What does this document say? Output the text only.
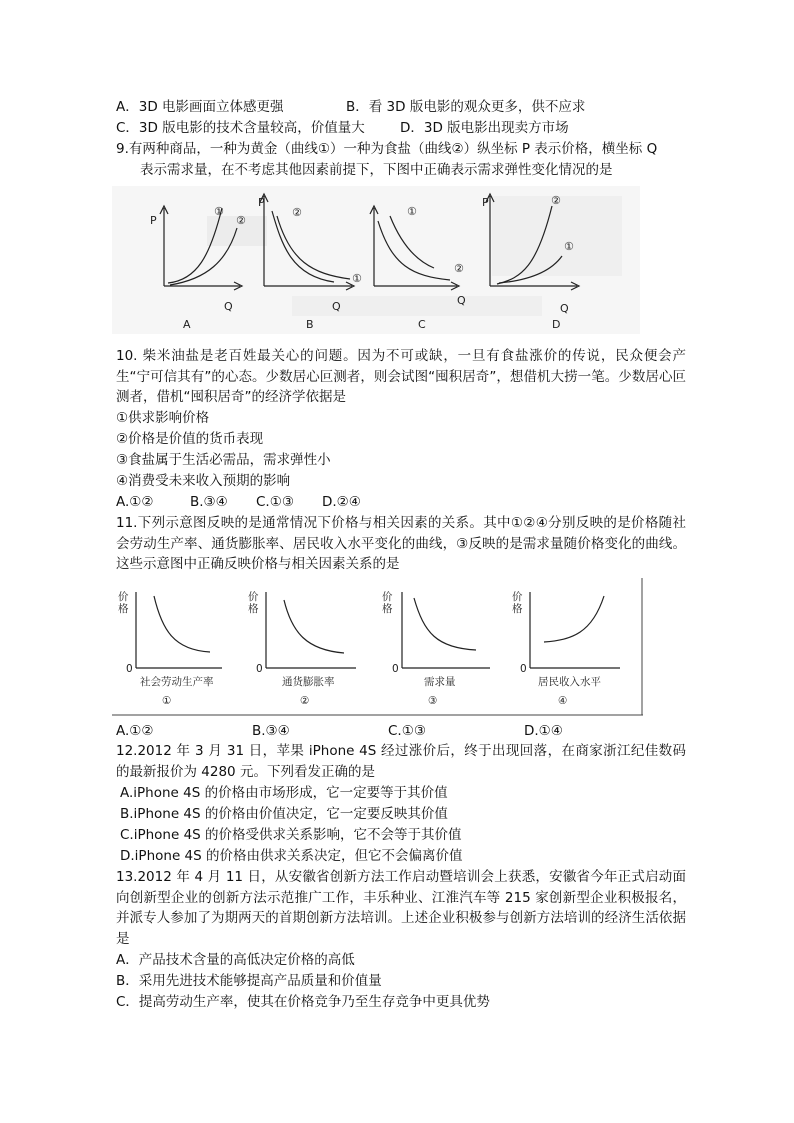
A．3D 电影画面立体感更强	B．看 3D 版电影的观众更多，供不应求
C．3D 版电影的技术含量较高，价值量大	D．3D 版电影出现卖方市场
9.有两种商品，一种为黄金（曲线①）一种为食盐（曲线②）纵坐标 P 表示价格，横坐标 Q
表示需求量，在不考虑其他因素前提下，下图中正确表示需求弹性变化情况的是
P
Q
①
②
A
P
Q
②
①
B
①
②
Q
C
P	②
①
Q
D
10. 柴米油盐是老百姓最关心的问题。因为不可或缺，一旦有食盐涨价的传说，民众便会产生“宁可信其有”的心态。少数居心叵测者，则会试图“囤积居奇”，想借机大捞一笔。少数居心叵测者，借机“囤积居奇”的经济学依据是
①供求影响价格
②价格是价值的货币表现
③食盐属于生活必需品，需求弹性小
④消费受未来收入预期的影响
A.①②	B.③④ C.①③ D.②④
11.下列示意图反映的是通常情况下价格与相关因素的关系。其中①②④分别反映的是价格随社会劳动生产率、通货膨胀率、居民收入水平变化的曲线，③反映的是需求量随价格变化的曲线。这些示意图中正确反映价格与相关因素关系的是
价
格
0
社会劳动生产率
①
价
格
0
通货膨胀率
②
价
格
0
需求量
③
价
格
0
居民收入水平
④
A.①②	B.③④	C.①③	D.①④
12.2012 年 3 月 31 日，苹果 iPhone 4S 经过涨价后，终于出现回落，在商家浙江纪佳数码的最新报价为 4280 元。下列看发正确的是
A.iPhone 4S 的价格由市场形成，它一定要等于其价值
B.iPhone 4S 的价格由价值决定，它一定要反映其价值
C.iPhone 4S 的价格受供求关系影响，它不会等于其价值
D.iPhone 4S 的价格由供求关系决定，但它不会偏离价值
13.2012 年 4 月 11 日，从安徽省创新方法工作启动暨培训会上获悉，安徽省今年正式启动面向创新型企业的创新方法示范推广工作，丰乐种业、江淮汽车等 215 家创新型企业积极报名，并派专人参加了为期两天的首期创新方法培训。上述企业积极参与创新方法培训的经济生活依据是
A．产品技术含量的高低决定价格的高低
B．采用先进技术能够提高产品质量和价值量
C．提高劳动生产率，使其在价格竞争乃至生存竞争中更具优势
